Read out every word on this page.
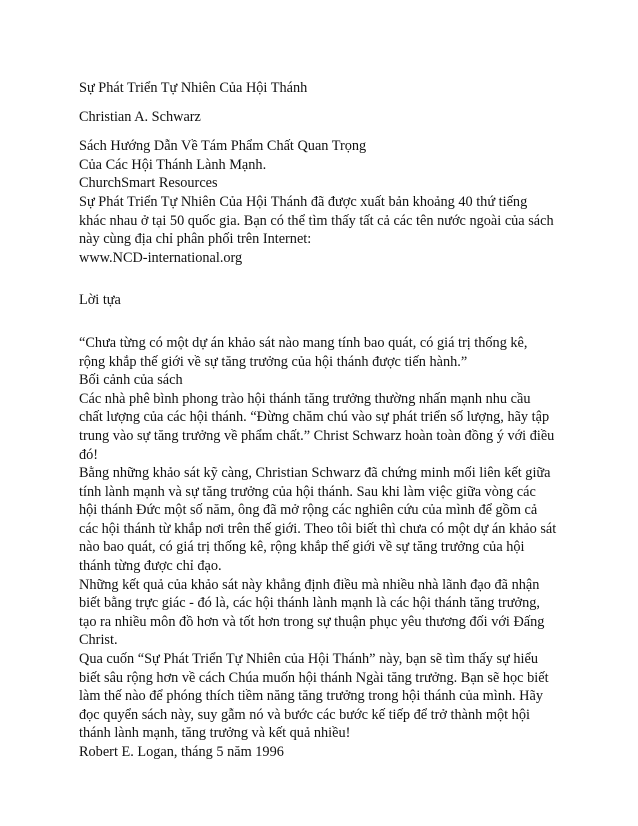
Sự Phát Triển Tự Nhiên Của Hội Thánh

Christian A. Schwarz

Sách Hướng Dẫn Về Tám Phẩm Chất Quan Trọng

Của Các Hội Thánh Lành Mạnh.

ChurchSmart Resources

Sự Phát Triển Tự Nhiên Của Hội Thánh đã được xuất bản khoảng 40 thứ tiếng

khác nhau ở tại 50 quốc gia. Bạn có thể tìm thấy tất cả các tên nước ngoài của sách

này cùng địa chỉ phân phối trên Internet:

www.NCD-international.org

Lời tựa

“Chưa từng có một dự án khảo sát nào mang tính bao quát, có giá trị thống kê,

rộng khắp thế giới về sự tăng trưởng của hội thánh được tiến hành.”

Bối cảnh của sách

Các nhà phê bình phong trào hội thánh tăng trưởng thường nhấn mạnh nhu cầu

chất lượng của các hội thánh. “Đừng chăm chú vào sự phát triển số lượng, hãy tập

trung vào sự tăng trưởng về phẩm chất.” Christ Schwarz hoàn toàn đồng ý với điều

đó!

Bằng những khảo sát kỹ càng, Christian Schwarz đã chứng minh mối liên kết giữa

tính lành mạnh và sự tăng trưởng của hội thánh. Sau khi làm việc giữa vòng các

hội thánh Đức một số năm, ông đã mở rộng các nghiên cứu của mình để gồm cả

các hội thánh từ khắp nơi trên thế giới. Theo tôi biết thì chưa có một dự án khảo sát

nào bao quát, có giá trị thống kê, rộng khắp thế giới về sự tăng trưởng của hội

thánh từng được chỉ đạo.

Những kết quả của khảo sát này khẳng định điều mà nhiều nhà lãnh đạo đã nhận

biết bằng trực giác - đó là, các hội thánh lành mạnh là các hội thánh tăng trưởng,

tạo ra nhiều môn đồ hơn và tốt hơn trong sự thuận phục yêu thương đối với Đấng

Christ.

Qua cuốn “Sự Phát Triển Tự Nhiên của Hội Thánh” này, bạn sẽ tìm thấy sự hiểu

biết sâu rộng hơn về cách Chúa muốn hội thánh Ngài tăng trưởng. Bạn sẽ học biết

làm thế nào để phóng thích tiềm năng tăng trưởng trong hội thánh của mình. Hãy

đọc quyển sách này, suy gẫm nó và bước các bước kế tiếp để trở thành một hội

thánh lành mạnh, tăng trưởng và kết quả nhiều!

Robert E. Logan, tháng 5 năm 1996
